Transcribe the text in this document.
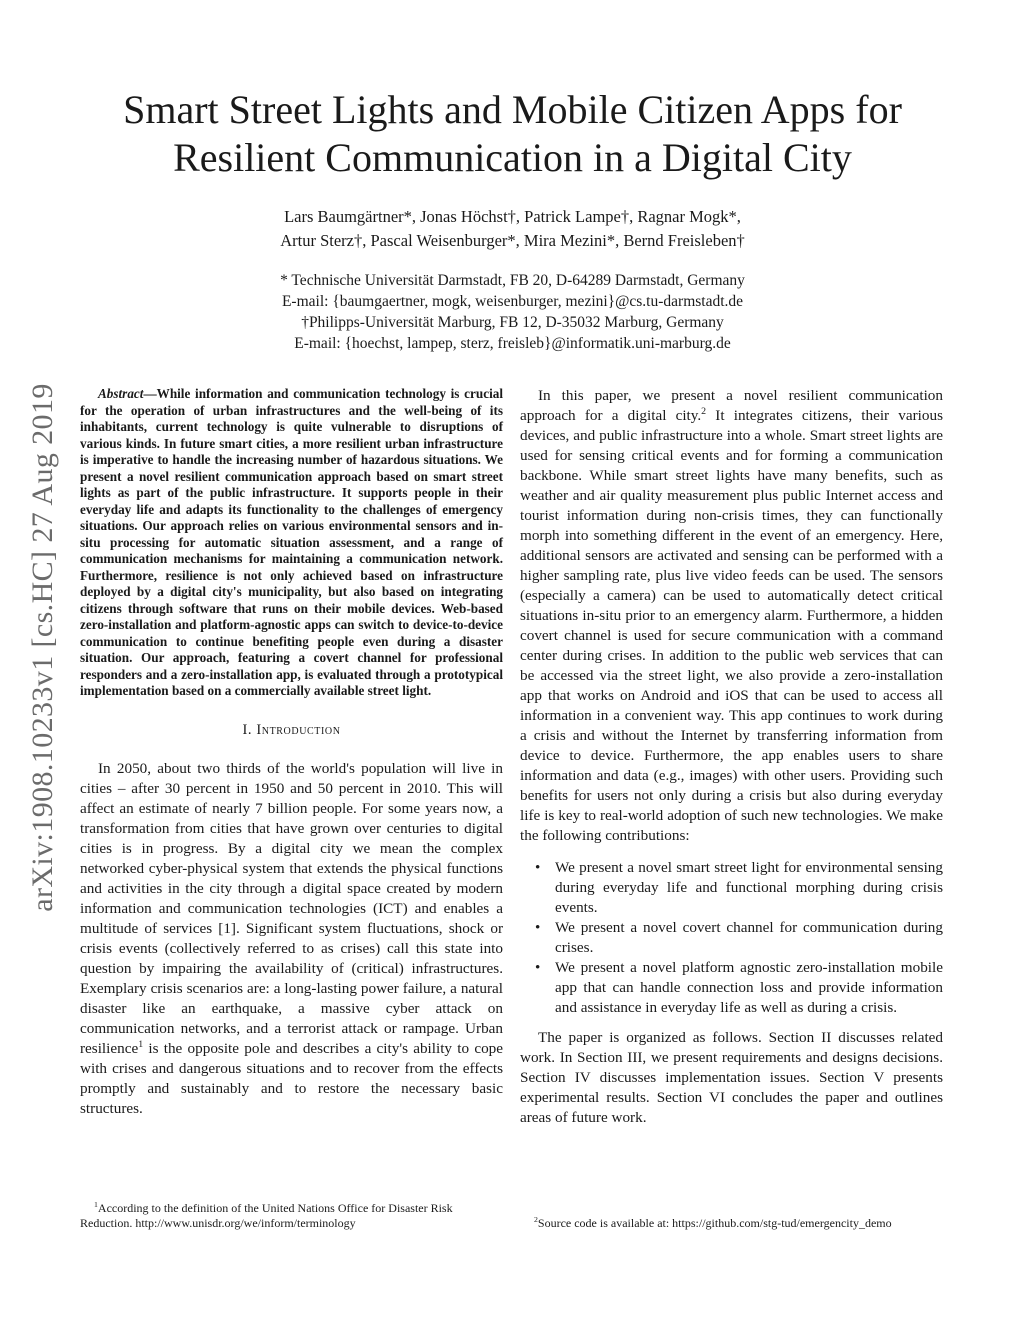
arXiv:1908.10233v1 [cs.HC] 27 Aug 2019
Smart Street Lights and Mobile Citizen Apps for
Resilient Communication in a Digital City
Lars Baumgärtner*, Jonas Höchst†, Patrick Lampe†, Ragnar Mogk*,
Artur Sterz†, Pascal Weisenburger*, Mira Mezini*, Bernd Freisleben†
* Technische Universität Darmstadt, FB 20, D-64289 Darmstadt, Germany
E-mail: {baumgaertner, mogk, weisenburger, mezini}@cs.tu-darmstadt.de
†Philipps-Universität Marburg, FB 12, D-35032 Marburg, Germany
E-mail: {hoechst, lampep, sterz, freisleb}@informatik.uni-marburg.de

Abstract—While information and communication technology is crucial for the operation of urban infrastructures and the well-being of its inhabitants, current technology is quite vulnerable to disruptions of various kinds. In future smart cities, a more resilient urban infrastructure is imperative to handle the increasing number of hazardous situations. We present a novel resilient communication approach based on smart street lights as part of the public infrastructure. It supports people in their everyday life and adapts its functionality to the challenges of emergency situations. Our approach relies on various environmental sensors and in-situ processing for automatic situation assessment, and a range of communication mechanisms for maintaining a communication network. Furthermore, resilience is not only achieved based on infrastructure deployed by a digital city's municipality, but also based on integrating citizens through software that runs on their mobile devices. Web-based zero-installation and platform-agnostic apps can switch to device-to-device communication to continue benefiting people even during a disaster situation. Our approach, featuring a covert channel for professional responders and a zero-installation app, is evaluated through a prototypical implementation based on a commercially available street light.

I. Introduction

In 2050, about two thirds of the world's population will live in cities – after 30 percent in 1950 and 50 percent in 2010. This will affect an estimate of nearly 7 billion people. For some years now, a transformation from cities that have grown over centuries to digital cities is in progress. By a digital city we mean the complex networked cyber-physical system that extends the physical functions and activities in the city through a digital space created by modern information and communication technologies (ICT) and enables a multitude of services [1]. Significant system fluctuations, shock or crisis events (collectively referred to as crises) call this state into question by impairing the availability of (critical) infrastructures. Exemplary crisis scenarios are: a long-lasting power failure, a natural disaster like an earthquake, a massive cyber attack on communication networks, and a terrorist attack or rampage. Urban resilience$^1$ is the opposite pole and describes a city's ability to cope with crises and dangerous situations and to recover from the effects promptly and sustainably and to restore the necessary basic structures.

In this paper, we present a novel resilient communication approach for a digital city.$^2$ It integrates citizens, their various devices, and public infrastructure into a whole. Smart street lights are used for sensing critical events and for forming a communication backbone. While smart street lights have many benefits, such as weather and air quality measurement plus public Internet access and tourist information during non-crisis times, they can functionally morph into something different in the event of an emergency. Here, additional sensors are activated and sensing can be performed with a higher sampling rate, plus live video feeds can be used. The sensors (especially a camera) can be used to automatically detect critical situations in-situ prior to an emergency alarm. Furthermore, a hidden covert channel is used for secure communication with a command center during crises. In addition to the public web services that can be accessed via the street light, we also provide a zero-installation app that works on Android and iOS that can be used to access all information in a convenient way. This app continues to work during a crisis and without the Internet by transferring information from device to device. Furthermore, the app enables users to share information and data (e.g., images) with other users. Providing such benefits for users not only during a crisis but also during everyday life is key to real-world adoption of such new technologies. We make the following contributions:

• We present a novel smart street light for environmental sensing during everyday life and functional morphing during crisis events.
• We present a novel covert channel for communication during crises.
• We present a novel platform agnostic zero-installation mobile app that can handle connection loss and provide information and assistance in everyday life as well as during a crisis.

The paper is organized as follows. Section II discusses related work. In Section III, we present requirements and designs decisions. Section IV discusses implementation issues. Section V presents experimental results. Section VI concludes the paper and outlines areas of future work.

$^1$According to the definition of the United Nations Office for Disaster Risk Reduction. http://www.unisdr.org/we/inform/terminology	$^2$Source code is available at: https://github.com/stg-tud/emergencity_demo
